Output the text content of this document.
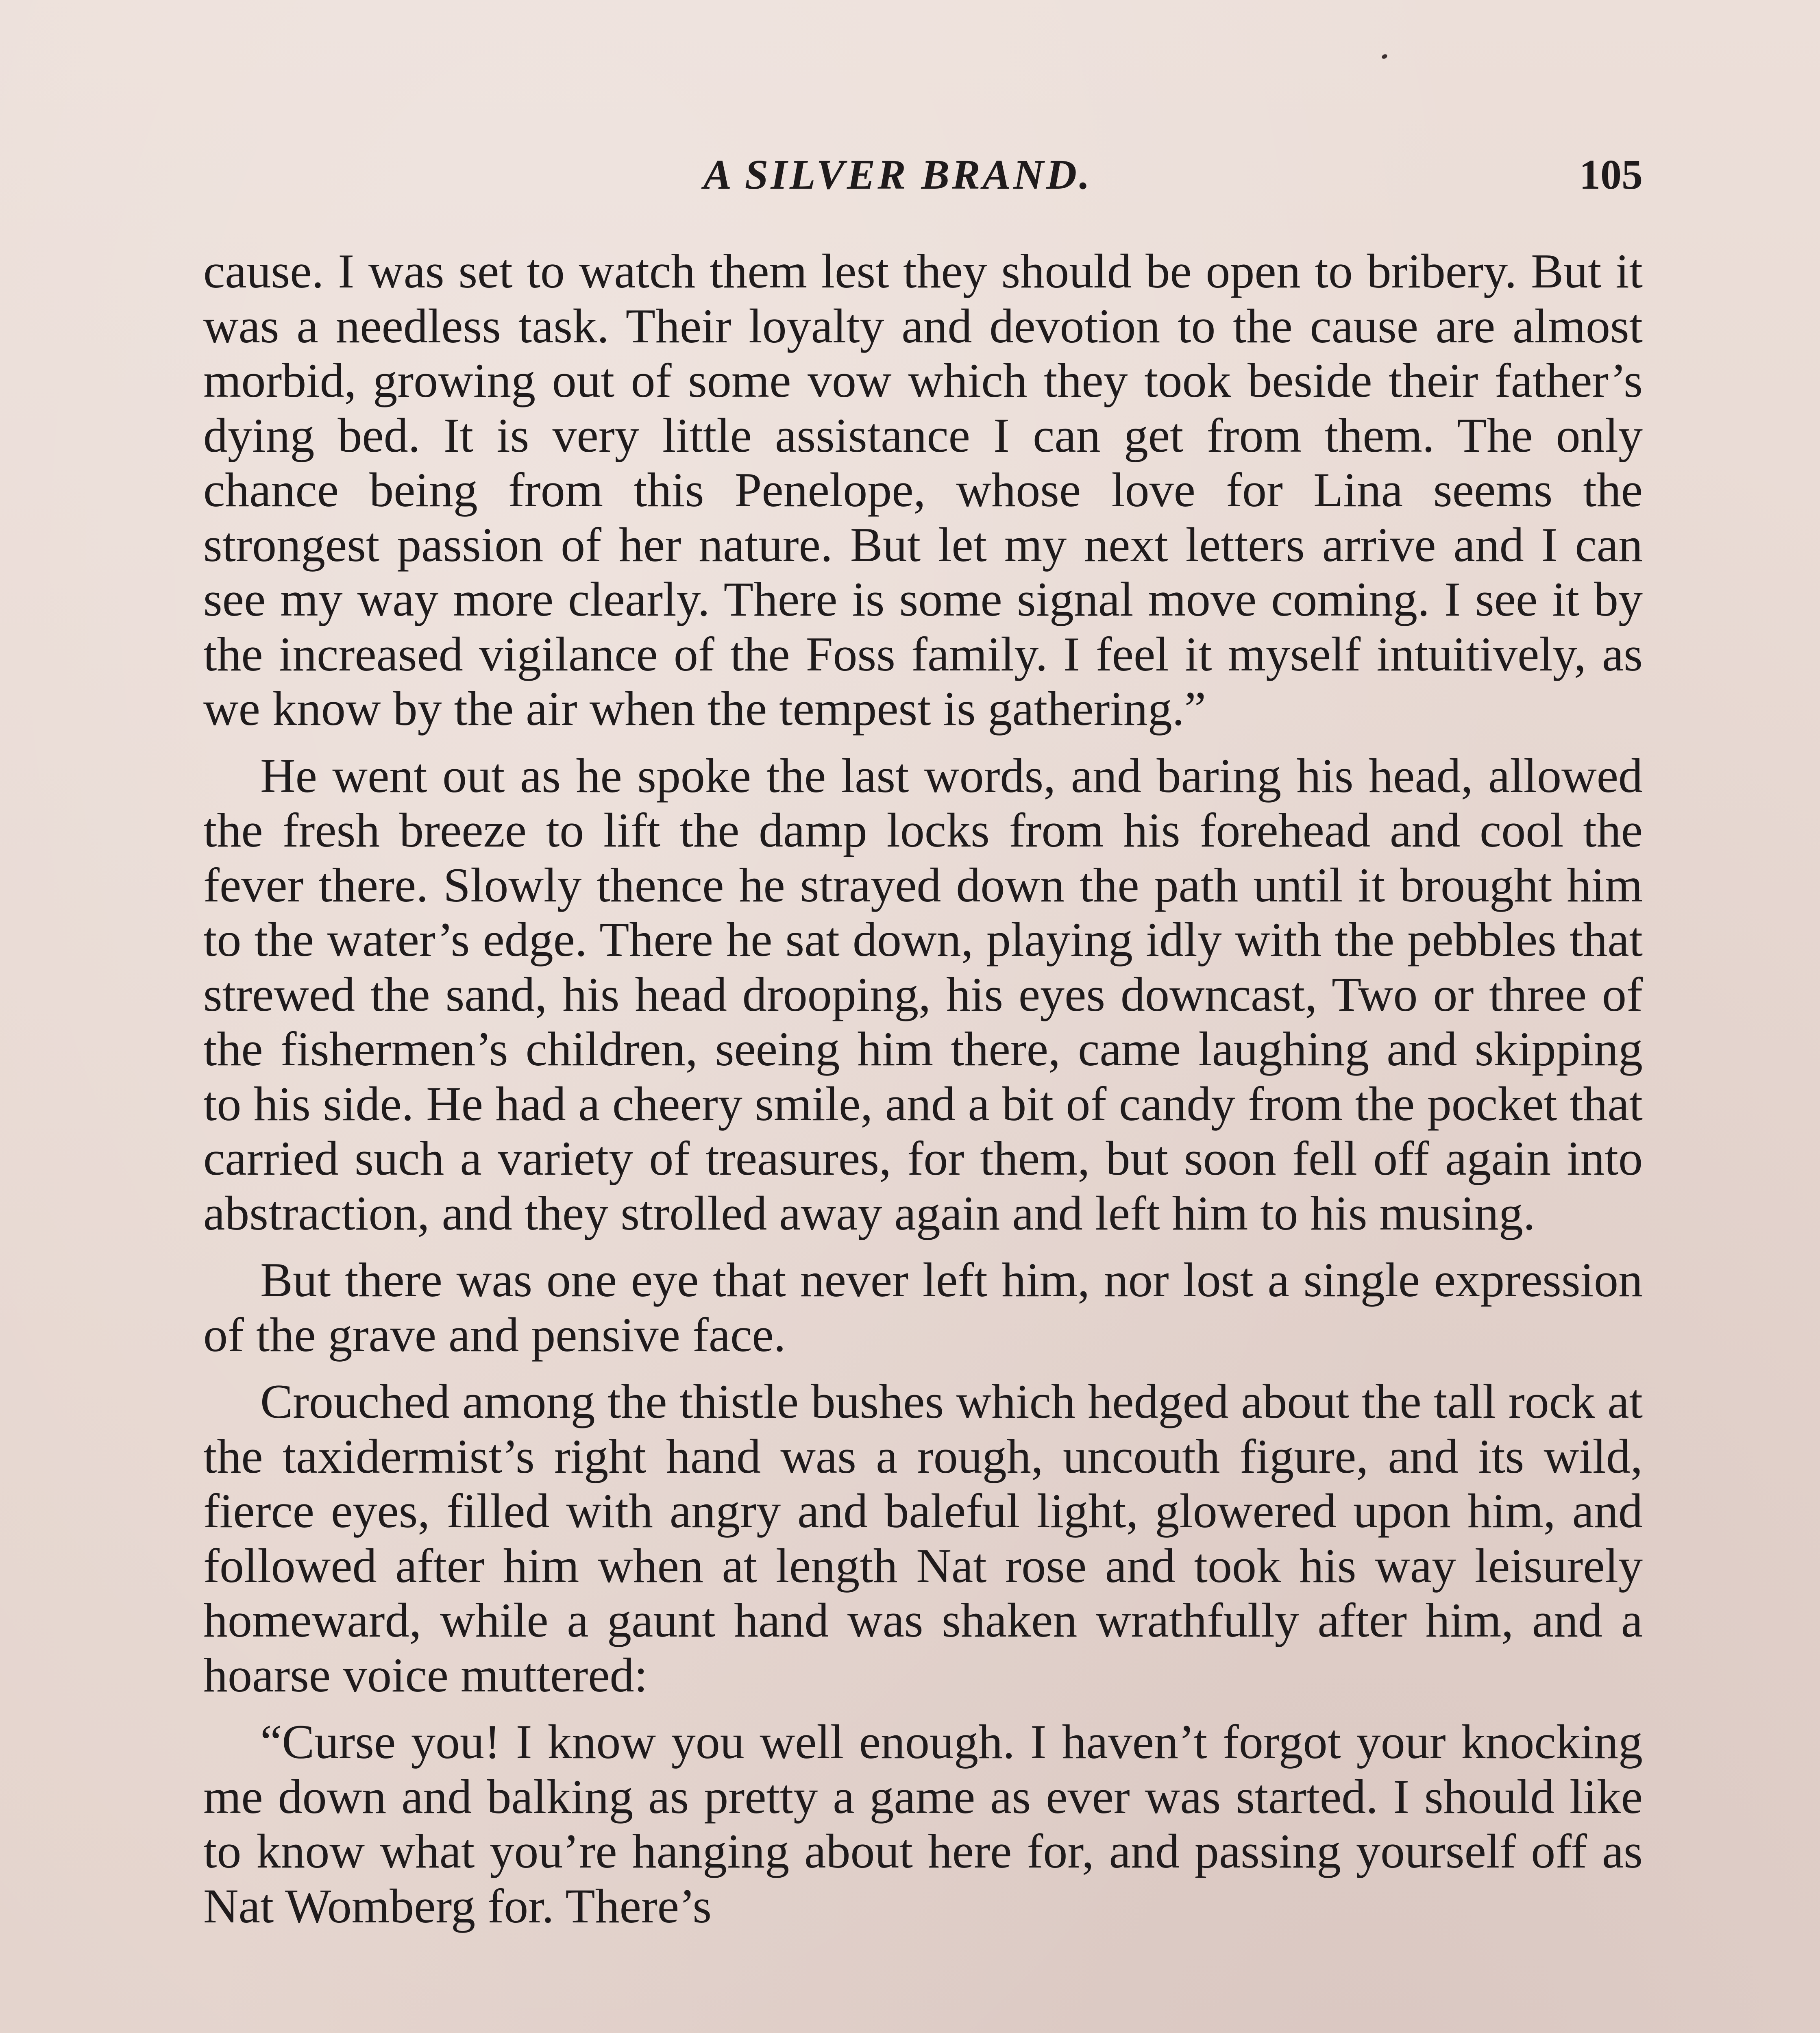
A SILVER BRAND.	105

cause. I was set to watch them lest they should be open to bribery. But it was a needless task. Their loyalty and devotion to the cause are almost morbid, growing out of some vow which they took beside their father’s dying bed. It is very little assistance I can get from them. The only chance being from this Penelope, whose love for Lina seems the strongest passion of her nature. But let my next letters arrive and I can see my way more clearly. There is some signal move coming. I see it by the increased vigilance of the Foss family. I feel it myself intuitively, as we know by the air when the tempest is gathering.”

He went out as he spoke the last words, and baring his head, allowed the fresh breeze to lift the damp locks from his forehead and cool the fever there. Slowly thence he strayed down the path until it brought him to the water’s edge. There he sat down, playing idly with the pebbles that strewed the sand, his head drooping, his eyes downcast, Two or three of the fishermen’s children, seeing him there, came laughing and skipping to his side. He had a cheery smile, and a bit of candy from the pocket that carried such a variety of treasures, for them, but soon fell off again into abstraction, and they strolled away again and left him to his musing.

But there was one eye that never left him, nor lost a single expression of the grave and pensive face.

Crouched among the thistle bushes which hedged about the tall rock at the taxidermist’s right hand was a rough, uncouth figure, and its wild, fierce eyes, filled with angry and baleful light, glowered upon him, and followed after him when at length Nat rose and took his way leisurely homeward, while a gaunt hand was shaken wrathfully after him, and a hoarse voice muttered:

“Curse you! I know you well enough. I haven’t forgot your knocking me down and balking as pretty a game as ever was started. I should like to know what you’re hanging about here for, and passing yourself off as Nat Womberg for. There’s
